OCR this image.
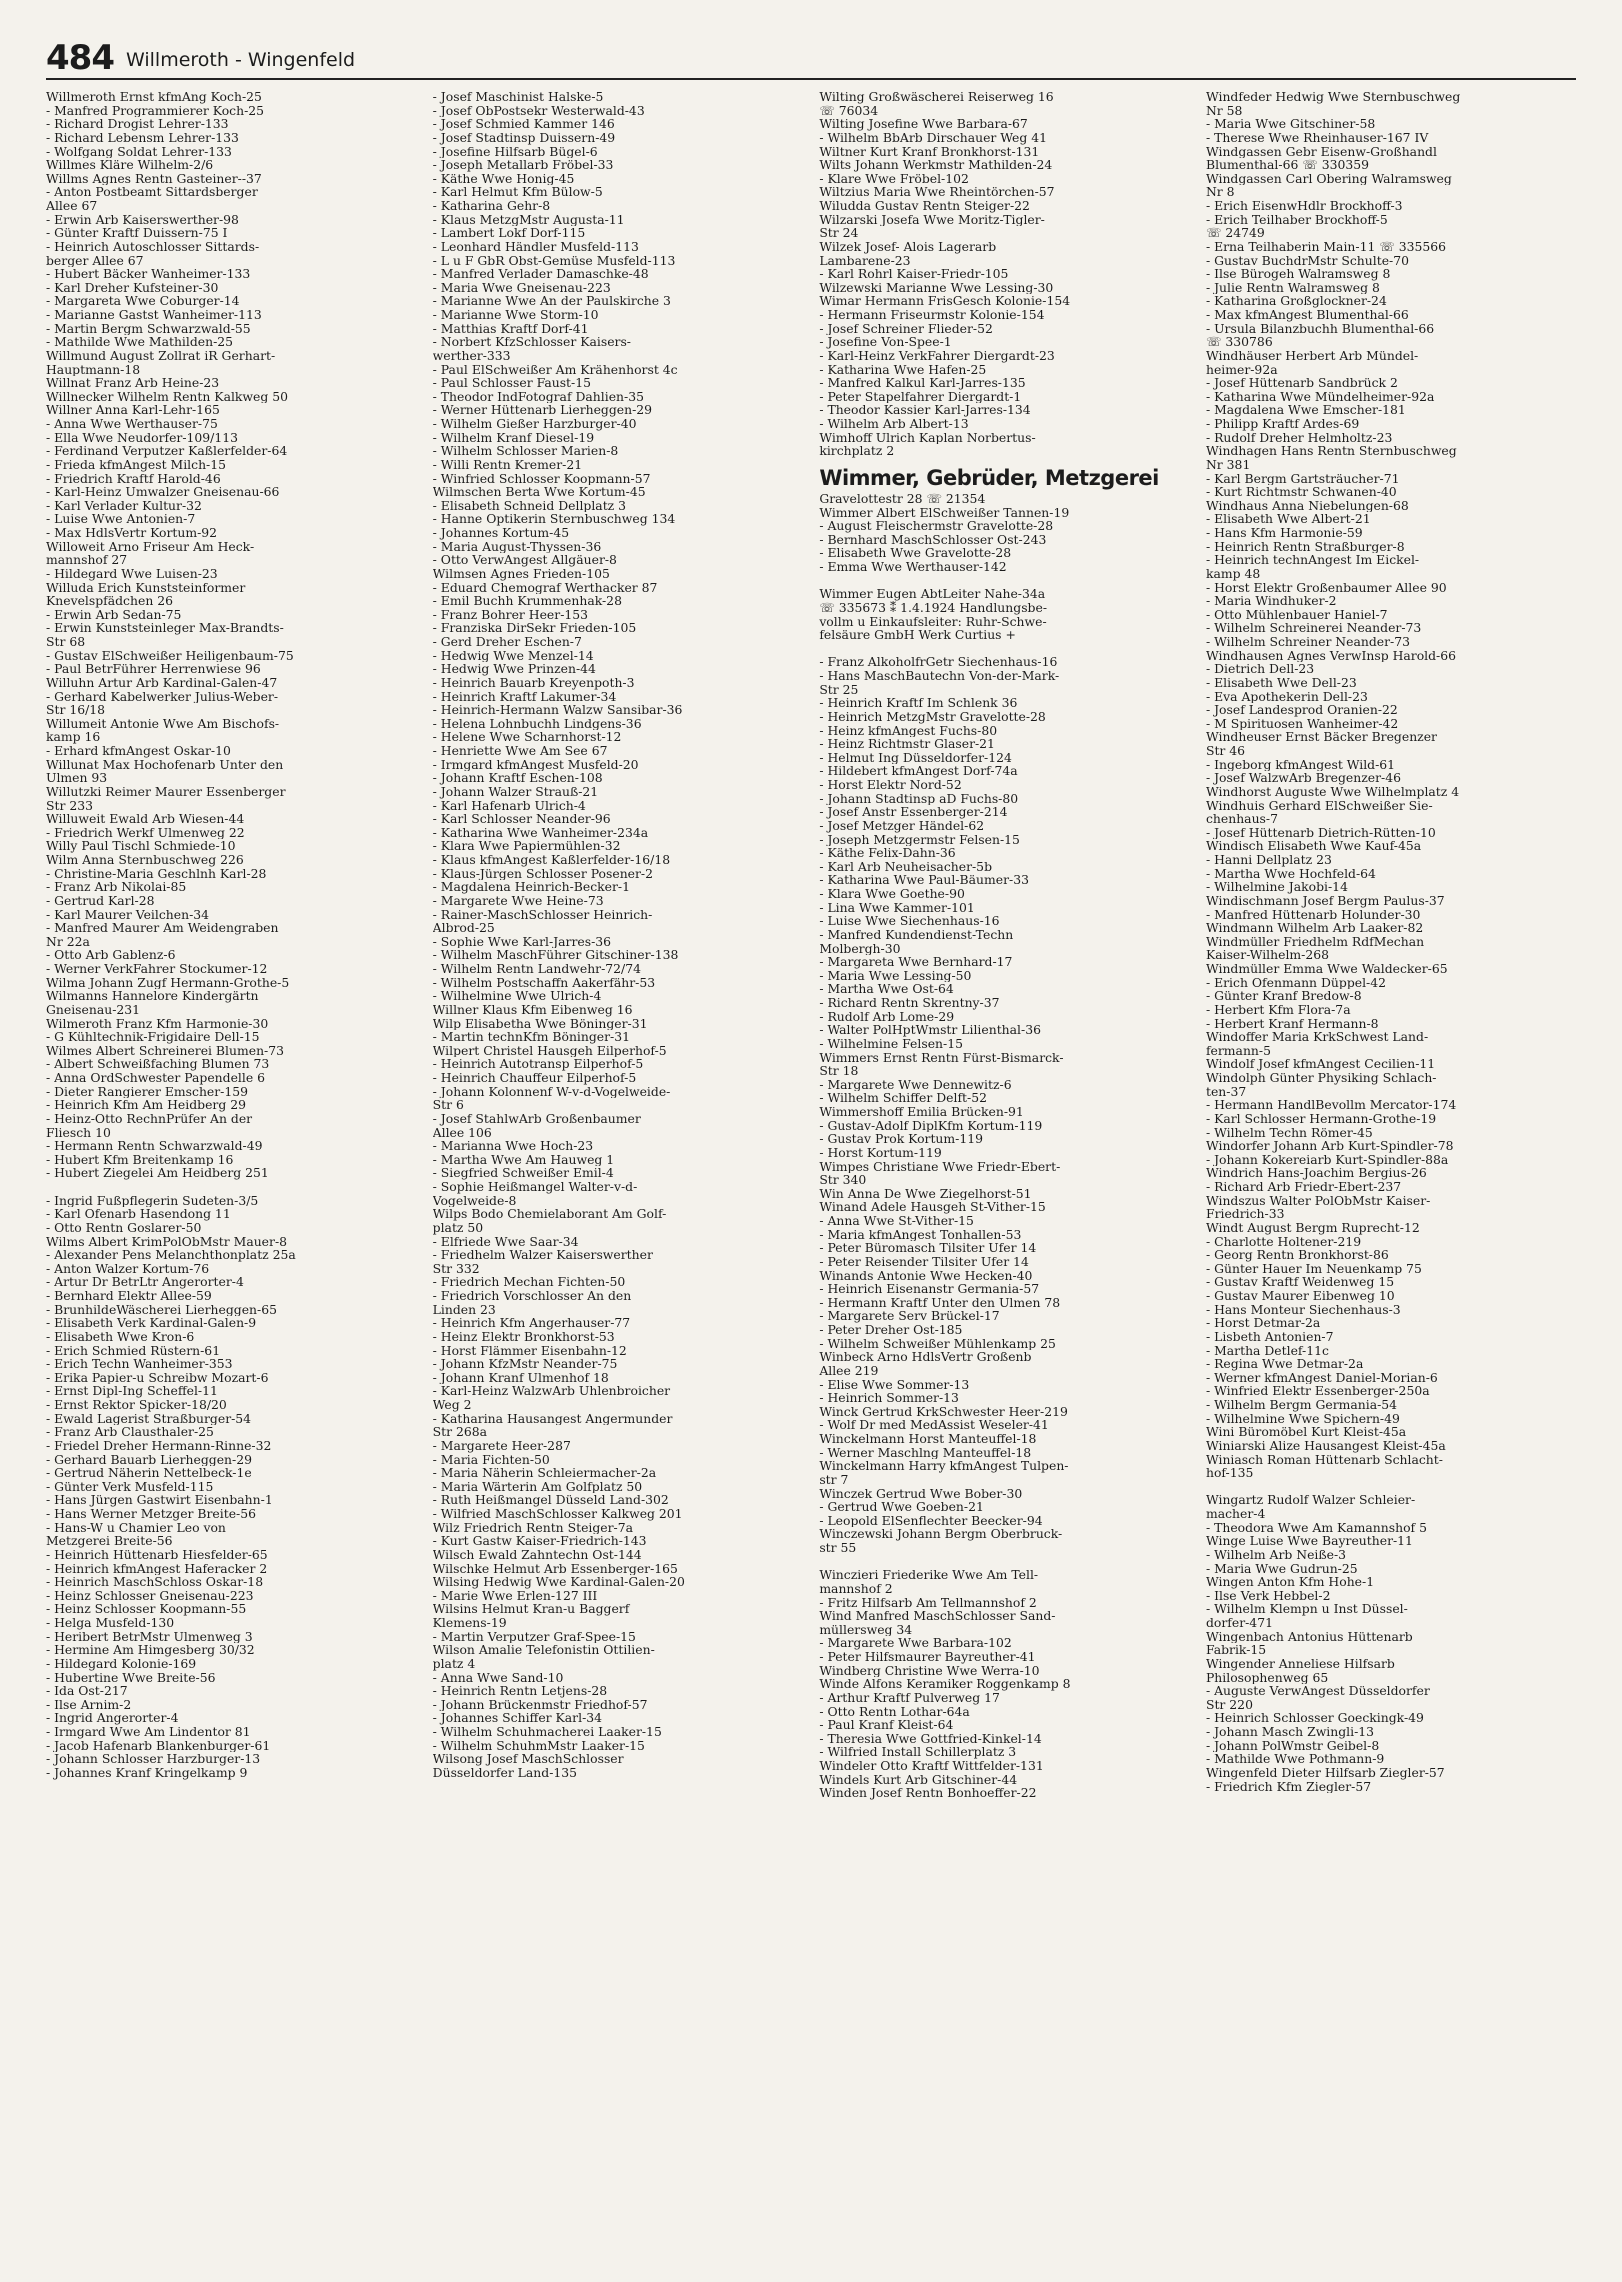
484 Willmeroth - Wingenfeld
Willmeroth Ernst kfmAng Koch-25
- Manfred Programmierer Koch-25
- Richard Drogist Lehrer-133
- Richard Lebensm Lehrer-133
- Wolfgang Soldat Lehrer-133
Willmes Kläre Wilhelm-2/6
Willms Agnes Rentn Gasteiner--37
- Anton Postbeamt Sittardsberger
Allee 67
- Erwin Arb Kaiserswerther-98
- Günter Kraftf Duissern-75 I
- Heinrich Autoschlosser Sittards-
berger Allee 67
- Hubert Bäcker Wanheimer-133
- Karl Dreher Kufsteiner-30
- Margareta Wwe Coburger-14
- Marianne Gastst Wanheimer-113
- Martin Bergm Schwarzwald-55
- Mathilde Wwe Mathilden-25
Willmund August Zollrat iR Gerhart-
Hauptmann-18
Willnat Franz Arb Heine-23
Willnecker Wilhelm Rentn Kalkweg 50
Willner Anna Karl-Lehr-165
- Anna Wwe Werthauser-75
- Ella Wwe Neudorfer-109/113
- Ferdinand Verputzer Kaßlerfelder-64
- Frieda kfmAngest Milch-15
- Friedrich Kraftf Harold-46
- Karl-Heinz Umwalzer Gneisenau-66
- Karl Verlader Kultur-32
- Luise Wwe Antonien-7
- Max HdlsVertr Kortum-92
Willoweit Arno Friseur Am Heck-
mannshof 27
- Hildegard Wwe Luisen-23
Willuda Erich Kunststeinformer
Knevelspfädchen 26
- Erwin Arb Sedan-75
- Erwin Kunststeinleger Max-Brandts-
Str 68
- Gustav ElSchweißer Heiligenbaum-75
- Paul BetrFührer Herrenwiese 96
Willuhn Artur Arb Kardinal-Galen-47
- Gerhard Kabelwerker Julius-Weber-
Str 16/18
Willumeit Antonie Wwe Am Bischofs-
kamp 16
- Erhard kfmAngest Oskar-10
Willunat Max Hochofenarb Unter den
Ulmen 93
Willutzki Reimer Maurer Essenberger
Str 233
Willuweit Ewald Arb Wiesen-44
- Friedrich Werkf Ulmenweg 22
Willy Paul Tischl Schmiede-10
Wilm Anna Sternbuschweg 226
- Christine-Maria Geschlnh Karl-28
- Franz Arb Nikolai-85
- Gertrud Karl-28
- Karl Maurer Veilchen-34
- Manfred Maurer Am Weidengraben
Nr 22a
- Otto Arb Gablenz-6
- Werner VerkFahrer Stockumer-12
Wilma Johann Zugf Hermann-Grothe-5
Wilmanns Hannelore Kindergärtn
Gneisenau-231
Wilmeroth Franz Kfm Harmonie-30
- G Kühltechnik-Frigidaire Dell-15
Wilmes Albert Schreinerei Blumen-73
- Albert Schweißfaching Blumen 73
- Anna OrdSchwester Papendelle 6
- Dieter Rangierer Emscher-159
- Heinrich Kfm Am Heidberg 29
- Heinz-Otto RechnPrüfer An der
Fliesch 10
- Hermann Rentn Schwarzwald-49
- Hubert Kfm Breitenkamp 16
- Hubert Ziegelei Am Heidberg 251

- Ingrid Fußpflegerin Sudeten-3/5
- Karl Ofenarb Hasendong 11
- Otto Rentn Goslarer-50
Wilms Albert KrimPolObMstr Mauer-8
- Alexander Pens Melanchthonplatz 25a
- Anton Walzer Kortum-76
- Artur Dr BetrLtr Angerorter-4
- Bernhard Elektr Allee-59
- BrunhildeWäscherei Lierheggen-65
- Elisabeth Verk Kardinal-Galen-9
- Elisabeth Wwe Kron-6
- Erich Schmied Rüstern-61
- Erich Techn Wanheimer-353
- Erika Papier-u Schreibw Mozart-6
- Ernst Dipl-Ing Scheffel-11
- Ernst Rektor Spicker-18/20
- Ewald Lagerist Straßburger-54
- Franz Arb Clausthaler-25
- Friedel Dreher Hermann-Rinne-32
- Gerhard Bauarb Lierheggen-29
- Gertrud Näherin Nettelbeck-1e
- Günter Verk Musfeld-115
- Hans Jürgen Gastwirt Eisenbahn-1
- Hans Werner Metzger Breite-56
- Hans-W u Chamier Leo von
Metzgerei Breite-56
- Heinrich Hüttenarb Hiesfelder-65
- Heinrich kfmAngest Haferacker 2
- Heinrich MaschSchloss Oskar-18
- Heinz Schlosser Gneisenau-223
- Heinz Schlosser Koopmann-55
- Helga Musfeld-130
- Heribert BetrMstr Ulmenweg 3
- Hermine Am Himgesberg 30/32
- Hildegard Kolonie-169
- Hubertine Wwe Breite-56
- Ida Ost-217
- Ilse Arnim-2
- Ingrid Angerorter-4
- Irmgard Wwe Am Lindentor 81
- Jacob Hafenarb Blankenburger-61
- Johann Schlosser Harzburger-13
- Johannes Kranf Kringelkamp 9
- Josef Maschinist Halske-5
- Josef ObPostsekr Westerwald-43
- Josef Schmied Kammer 146
- Josef Stadtinsp Duissern-49
- Josefine Hilfsarb Bügel-6
- Joseph Metallarb Fröbel-33
- Käthe Wwe Honig-45
- Karl Helmut Kfm Bülow-5
- Katharina Gehr-8
- Klaus MetzgMstr Augusta-11
- Lambert Lokf Dorf-115
- Leonhard Händler Musfeld-113
- L u F GbR Obst-Gemüse Musfeld-113
- Manfred Verlader Damaschke-48
- Maria Wwe Gneisenau-223
- Marianne Wwe An der Paulskirche 3
- Marianne Wwe Storm-10
- Matthias Kraftf Dorf-41
- Norbert KfzSchlosser Kaisers-
werther-333
- Paul ElSchweißer Am Krähenhorst 4c
- Paul Schlosser Faust-15
- Theodor IndFotograf Dahlien-35
- Werner Hüttenarb Lierheggen-29
- Wilhelm Gießer Harzburger-40
- Wilhelm Kranf Diesel-19
- Wilhelm Schlosser Marien-8
- Willi Rentn Kremer-21
- Winfried Schlosser Koopmann-57
Wilmschen Berta Wwe Kortum-45
- Elisabeth Schneid Dellplatz 3
- Hanne Optikerin Sternbuschweg 134
- Johannes Kortum-45
- Maria August-Thyssen-36
- Otto VerwAngest Allgäuer-8
Wilmsen Agnes Frieden-105
- Eduard Chemograf Werthacker 87
- Emil Buchh Krummenhak-28
- Franz Bohrer Heer-153
- Franziska DirSekr Frieden-105
- Gerd Dreher Eschen-7
- Hedwig Wwe Menzel-14
- Hedwig Wwe Prinzen-44
- Heinrich Bauarb Kreyenpoth-3
- Heinrich Kraftf Lakumer-34
- Heinrich-Hermann Walzw Sansibar-36
- Helena Lohnbuchh Lindgens-36
- Helene Wwe Scharnhorst-12
- Henriette Wwe Am See 67
- Irmgard kfmAngest Musfeld-20
- Johann Kraftf Eschen-108
- Johann Walzer Strauß-21
- Karl Hafenarb Ulrich-4
- Karl Schlosser Neander-96
- Katharina Wwe Wanheimer-234a
- Klara Wwe Papiermühlen-32
- Klaus kfmAngest Kaßlerfelder-16/18
- Klaus-Jürgen Schlosser Posener-2
- Magdalena Heinrich-Becker-1
- Margarete Wwe Heine-73
- Rainer-MaschSchlosser Heinrich-
Albrod-25
- Sophie Wwe Karl-Jarres-36
- Wilhelm MaschFührer Gitschiner-138
- Wilhelm Rentn Landwehr-72/74
- Wilhelm Postschaffn Aakerfähr-53
- Wilhelmine Wwe Ulrich-4
Willner Klaus Kfm Eibenweg 16
Wilp Elisabetha Wwe Böninger-31
- Martin technKfm Böninger-31
Wilpert Christel Hausgeh Eilperhof-5
- Heinrich Autotransp Eilperhof-5
- Heinrich Chauffeur Eilperhof-5
- Johann Kolonnenf W-v-d-Vogelweide-
Str 6
- Josef StahlwArb Großenbaumer
Allee 106
- Marianna Wwe Hoch-23
- Martha Wwe Am Hauweg 1
- Siegfried Schweißer Emil-4
- Sophie Heißmangel Walter-v-d-
Vogelweide-8
Wilps Bodo Chemielaborant Am Golf-
platz 50
- Elfriede Wwe Saar-34
- Friedhelm Walzer Kaiserswerther
Str 332
- Friedrich Mechan Fichten-50
- Friedrich Vorschlosser An den
Linden 23
- Heinrich Kfm Angerhauser-77
- Heinz Elektr Bronkhorst-53
- Horst Flämmer Eisenbahn-12
- Johann KfzMstr Neander-75
- Johann Kranf Ulmenhof 18
- Karl-Heinz WalzwArb Uhlenbroicher
Weg 2
- Katharina Hausangest Angermunder
Str 268a
- Margarete Heer-287
- Maria Fichten-50
- Maria Näherin Schleiermacher-2a
- Maria Wärterin Am Golfplatz 50
- Ruth Heißmangel Düsseld Land-302
- Wilfried MaschSchlosser Kalkweg 201
Wilz Friedrich Rentn Steiger-7a
- Kurt Gastw Kaiser-Friedrich-143
Wilsch Ewald Zahntechn Ost-144
Wilschke Helmut Arb Essenberger-165
Wilsing Hedwig Wwe Kardinal-Galen-20
- Marie Wwe Erlen-127 III
Wilsins Helmut Kran-u Baggerf
Klemens-19
- Martin Verputzer Graf-Spee-15
Wilson Amalie Telefonistin Ottilien-
platz 4
- Anna Wwe Sand-10
- Heinrich Rentn Letjens-28
- Johann Brückenmstr Friedhof-57
- Johannes Schiffer Karl-34
- Wilhelm Schuhmacherei Laaker-15
- Wilhelm SchuhmMstr Laaker-15
Wilsong Josef MaschSchlosser
Düsseldorfer Land-135
Wilting Großwäscherei Reiserweg 16
☏ 76034
Wilting Josefine Wwe Barbara-67
- Wilhelm BbArb Dirschauer Weg 41
Wiltner Kurt Kranf Bronkhorst-131
Wilts Johann Werkmstr Mathilden-24
- Klare Wwe Fröbel-102
Wiltzius Maria Wwe Rheintörchen-57
Wiludda Gustav Rentn Steiger-22
Wilzarski Josefa Wwe Moritz-Tigler-
Str 24
Wilzek Josef- Alois Lagerarb
Lambarene-23
- Karl Rohrl Kaiser-Friedr-105
Wilzewski Marianne Wwe Lessing-30
Wimar Hermann FrisGesch Kolonie-154
- Hermann Friseurmstr Kolonie-154
- Josef Schreiner Flieder-52
- Josefine Von-Spee-1
- Karl-Heinz VerkFahrer Diergardt-23
- Katharina Wwe Hafen-25
- Manfred Kalkul Karl-Jarres-135
- Peter Stapelfahrer Diergardt-1
- Theodor Kassier Karl-Jarres-134
- Wilhelm Arb Albert-13
Wimhoff Ulrich Kaplan Norbertus-
kirchplatz 2
Wimmer, Gebrüder, Metzgerei
Gravelottestr 28 ☏ 21354
Wimmer Albert ElSchweißer Tannen-19
- August Fleischermstr Gravelotte-28
- Bernhard MaschSchlosser Ost-243
- Elisabeth Wwe Gravelotte-28
- Emma Wwe Werthauser-142

Wimmer Eugen AbtLeiter Nahe-34a
☏ 335673 ⁑ 1.4.1924 Handlungsbe-
vollm u Einkaufsleiter: Ruhr-Schwe-
felsäure GmbH Werk Curtius +

- Franz AlkoholfrGetr Siechenhaus-16
- Hans MaschBautechn Von-der-Mark-
Str 25
- Heinrich Kraftf Im Schlenk 36
- Heinrich MetzgMstr Gravelotte-28
- Heinz kfmAngest Fuchs-80
- Heinz Richtmstr Glaser-21
- Helmut Ing Düsseldorfer-124
- Hildebert kfmAngest Dorf-74a
- Horst Elektr Nord-52
- Johann Stadtinsp aD Fuchs-80
- Josef Anstr Essenberger-214
- Josef Metzger Händel-62
- Joseph Metzgermstr Felsen-15
- Käthe Felix-Dahn-36
- Karl Arb Neuheisacher-5b
- Katharina Wwe Paul-Bäumer-33
- Klara Wwe Goethe-90
- Lina Wwe Kammer-101
- Luise Wwe Siechenhaus-16
- Manfred Kundendienst-Techn
Molbergh-30
- Margareta Wwe Bernhard-17
- Maria Wwe Lessing-50
- Martha Wwe Ost-64
- Richard Rentn Skrentny-37
- Rudolf Arb Lome-29
- Walter PolHptWmstr Lilienthal-36
- Wilhelmine Felsen-15
Wimmers Ernst Rentn Fürst-Bismarck-
Str 18
- Margarete Wwe Dennewitz-6
- Wilhelm Schiffer Delft-52
Wimmershoff Emilia Brücken-91
- Gustav-Adolf DiplKfm Kortum-119
- Gustav Prok Kortum-119
- Horst Kortum-119
Wimpes Christiane Wwe Friedr-Ebert-
Str 340
Win Anna De Wwe Ziegelhorst-51
Winand Adele Hausgeh St-Vither-15
- Anna Wwe St-Vither-15
- Maria kfmAngest Tonhallen-53
- Peter Büromasch Tilsiter Ufer 14
- Peter Reisender Tilsiter Ufer 14
Winands Antonie Wwe Hecken-40
- Heinrich Eisenanstr Germania-57
- Hermann Kraftf Unter den Ulmen 78
- Margarete Serv Brückel-17
- Peter Dreher Ost-185
- Wilhelm Schweißer Mühlenkamp 25
Winbeck Arno HdlsVertr Großenb
Allee 219
- Elise Wwe Sommer-13
- Heinrich Sommer-13
Winck Gertrud KrkSchwester Heer-219
- Wolf Dr med MedAssist Weseler-41
Winckelmann Horst Manteuffel-18
- Werner Maschlng Manteuffel-18
Winckelmann Harry kfmAngest Tulpen-
str 7
Winczek Gertrud Wwe Bober-30
- Gertrud Wwe Goeben-21
- Leopold ElSenflechter Beecker-94
Winczewski Johann Bergm Oberbruck-
str 55

Winczieri Friederike Wwe Am Tell-
mannshof 2
- Fritz Hilfsarb Am Tellmannshof 2
Wind Manfred MaschSchlosser Sand-
müllersweg 34
- Margarete Wwe Barbara-102
- Peter Hilfsmaurer Bayreuther-41
Windberg Christine Wwe Werra-10
Winde Alfons Keramiker Roggenkamp 8
- Arthur Kraftf Pulverweg 17
- Otto Rentn Lothar-64a
- Paul Kranf Kleist-64
- Theresia Wwe Gottfried-Kinkel-14
- Wilfried Install Schillerplatz 3
Windeler Otto Kraftf Wittfelder-131
Windels Kurt Arb Gitschiner-44
Winden Josef Rentn Bonhoeffer-22
Windfeder Hedwig Wwe Sternbuschweg
Nr 58
- Maria Wwe Gitschiner-58
- Therese Wwe Rheinhauser-167 IV
Windgassen Gebr Eisenw-Großhandl
Blumenthal-66 ☏ 330359
Windgassen Carl Obering Walramsweg
Nr 8
- Erich EisenwHdlr Brockhoff-3
- Erich Teilhaber Brockhoff-5
☏ 24749
- Erna Teilhaberin Main-11 ☏ 335566
- Gustav BuchdrMstr Schulte-70
- Ilse Bürogeh Walramsweg 8
- Julie Rentn Walramsweg 8
- Katharina Großglockner-24
- Max kfmAngest Blumenthal-66
- Ursula Bilanzbuchh Blumenthal-66
☏ 330786
Windhäuser Herbert Arb Mündel-
heimer-92a
- Josef Hüttenarb Sandbrück 2
- Katharina Wwe Mündelheimer-92a
- Magdalena Wwe Emscher-181
- Philipp Kraftf Ardes-69
- Rudolf Dreher Helmholtz-23
Windhagen Hans Rentn Sternbuschweg
Nr 381
- Karl Bergm Gartsträucher-71
- Kurt Richtmstr Schwanen-40
Windhaus Anna Niebelungen-68
- Elisabeth Wwe Albert-21
- Hans Kfm Harmonie-59
- Heinrich Rentn Straßburger-8
- Heinrich technAngest Im Eickel-
kamp 48
- Horst Elektr Großenbaumer Allee 90
- Maria Windhuker-2
- Otto Mühlenbauer Haniel-7
- Wilhelm Schreinerei Neander-73
- Wilhelm Schreiner Neander-73
Windhausen Agnes VerwInsp Harold-66
- Dietrich Dell-23
- Elisabeth Wwe Dell-23
- Eva Apothekerin Dell-23
- Josef Landesprod Oranien-22
- M Spirituosen Wanheimer-42
Windheuser Ernst Bäcker Bregenzer
Str 46
- Ingeborg kfmAngest Wild-61
- Josef WalzwArb Bregenzer-46
Windhorst Auguste Wwe Wilhelmplatz 4
Windhuis Gerhard ElSchweißer Sie-
chenhaus-7
- Josef Hüttenarb Dietrich-Rütten-10
Windisch Elisabeth Wwe Kauf-45a
- Hanni Dellplatz 23
- Martha Wwe Hochfeld-64
- Wilhelmine Jakobi-14
Windischmann Josef Bergm Paulus-37
- Manfred Hüttenarb Holunder-30
Windmann Wilhelm Arb Laaker-82
Windmüller Friedhelm RdfMechan
Kaiser-Wilhelm-268
Windmüller Emma Wwe Waldecker-65
- Erich Ofenmann Düppel-42
- Günter Kranf Bredow-8
- Herbert Kfm Flora-7a
- Herbert Kranf Hermann-8
Windoffer Maria KrkSchwest Land-
fermann-5
Windolf Josef kfmAngest Cecilien-11
Windolph Günter Physiking Schlach-
ten-37
- Hermann HandlBevollm Mercator-174
- Karl Schlosser Hermann-Grothe-19
- Wilhelm Techn Römer-45
Windorfer Johann Arb Kurt-Spindler-78
- Johann Kokereiarb Kurt-Spindler-88a
Windrich Hans-Joachim Bergius-26
- Richard Arb Friedr-Ebert-237
Windszus Walter PolObMstr Kaiser-
Friedrich-33
Windt August Bergm Ruprecht-12
- Charlotte Holtener-219
- Georg Rentn Bronkhorst-86
- Günter Hauer Im Neuenkamp 75
- Gustav Kraftf Weidenweg 15
- Gustav Maurer Eibenweg 10
- Hans Monteur Siechenhaus-3
- Horst Detmar-2a
- Lisbeth Antonien-7
- Martha Detlef-11c
- Regina Wwe Detmar-2a
- Werner kfmAngest Daniel-Morian-6
- Winfried Elektr Essenberger-250a
- Wilhelm Bergm Germania-54
- Wilhelmine Wwe Spichern-49
Wini Büromöbel Kurt Kleist-45a
Winiarski Alize Hausangest Kleist-45a
Winiasch Roman Hüttenarb Schlacht-
hof-135

Wingartz Rudolf Walzer Schleier-
macher-4
- Theodora Wwe Am Kamannshof 5
Winge Luise Wwe Bayreuther-11
- Wilhelm Arb Neiße-3
- Maria Wwe Gudrun-25
Wingen Anton Kfm Hohe-1
- Ilse Verk Hebbel-2
- Wilhelm Klempn u Inst Düssel-
dorfer-471
Wingenbach Antonius Hüttenarb
Fabrik-15
Wingender Anneliese Hilfsarb
Philosophenweg 65
- Auguste VerwAngest Düsseldorfer
Str 220
- Heinrich Schlosser Goeckingk-49
- Johann Masch Zwingli-13
- Johann PolWmstr Geibel-8
- Mathilde Wwe Pothmann-9
Wingenfeld Dieter Hilfsarb Ziegler-57
- Friedrich Kfm Ziegler-57
